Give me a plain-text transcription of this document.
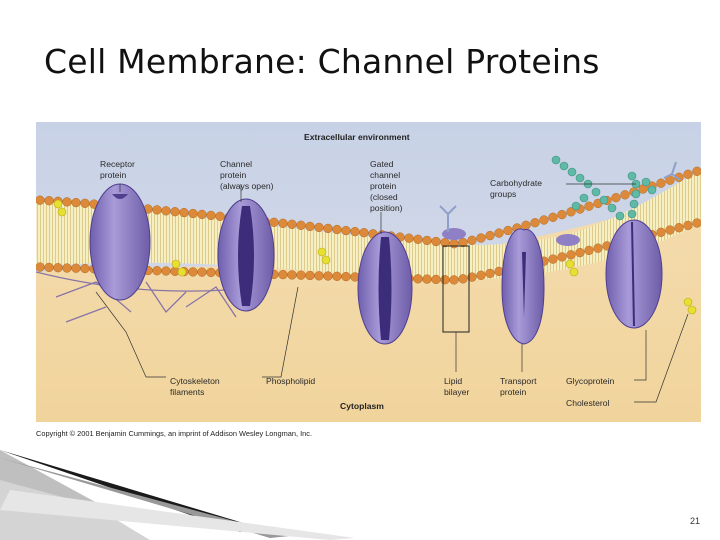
Cell Membrane: Channel Proteins
Extracellular environment
Cytoplasm
Receptor
protein
Channel
protein
(always open)
Gated
channel
protein
(closed
position)
Carbohydrate
groups
Cytoskeleton
filaments
Phospholipid	Lipid
bilayer
Transport
protein
Glycoprotein
Cholesterol
Copyright © 2001 Benjamin Cummings, an imprint of Addison Wesley Longman, Inc.
21
